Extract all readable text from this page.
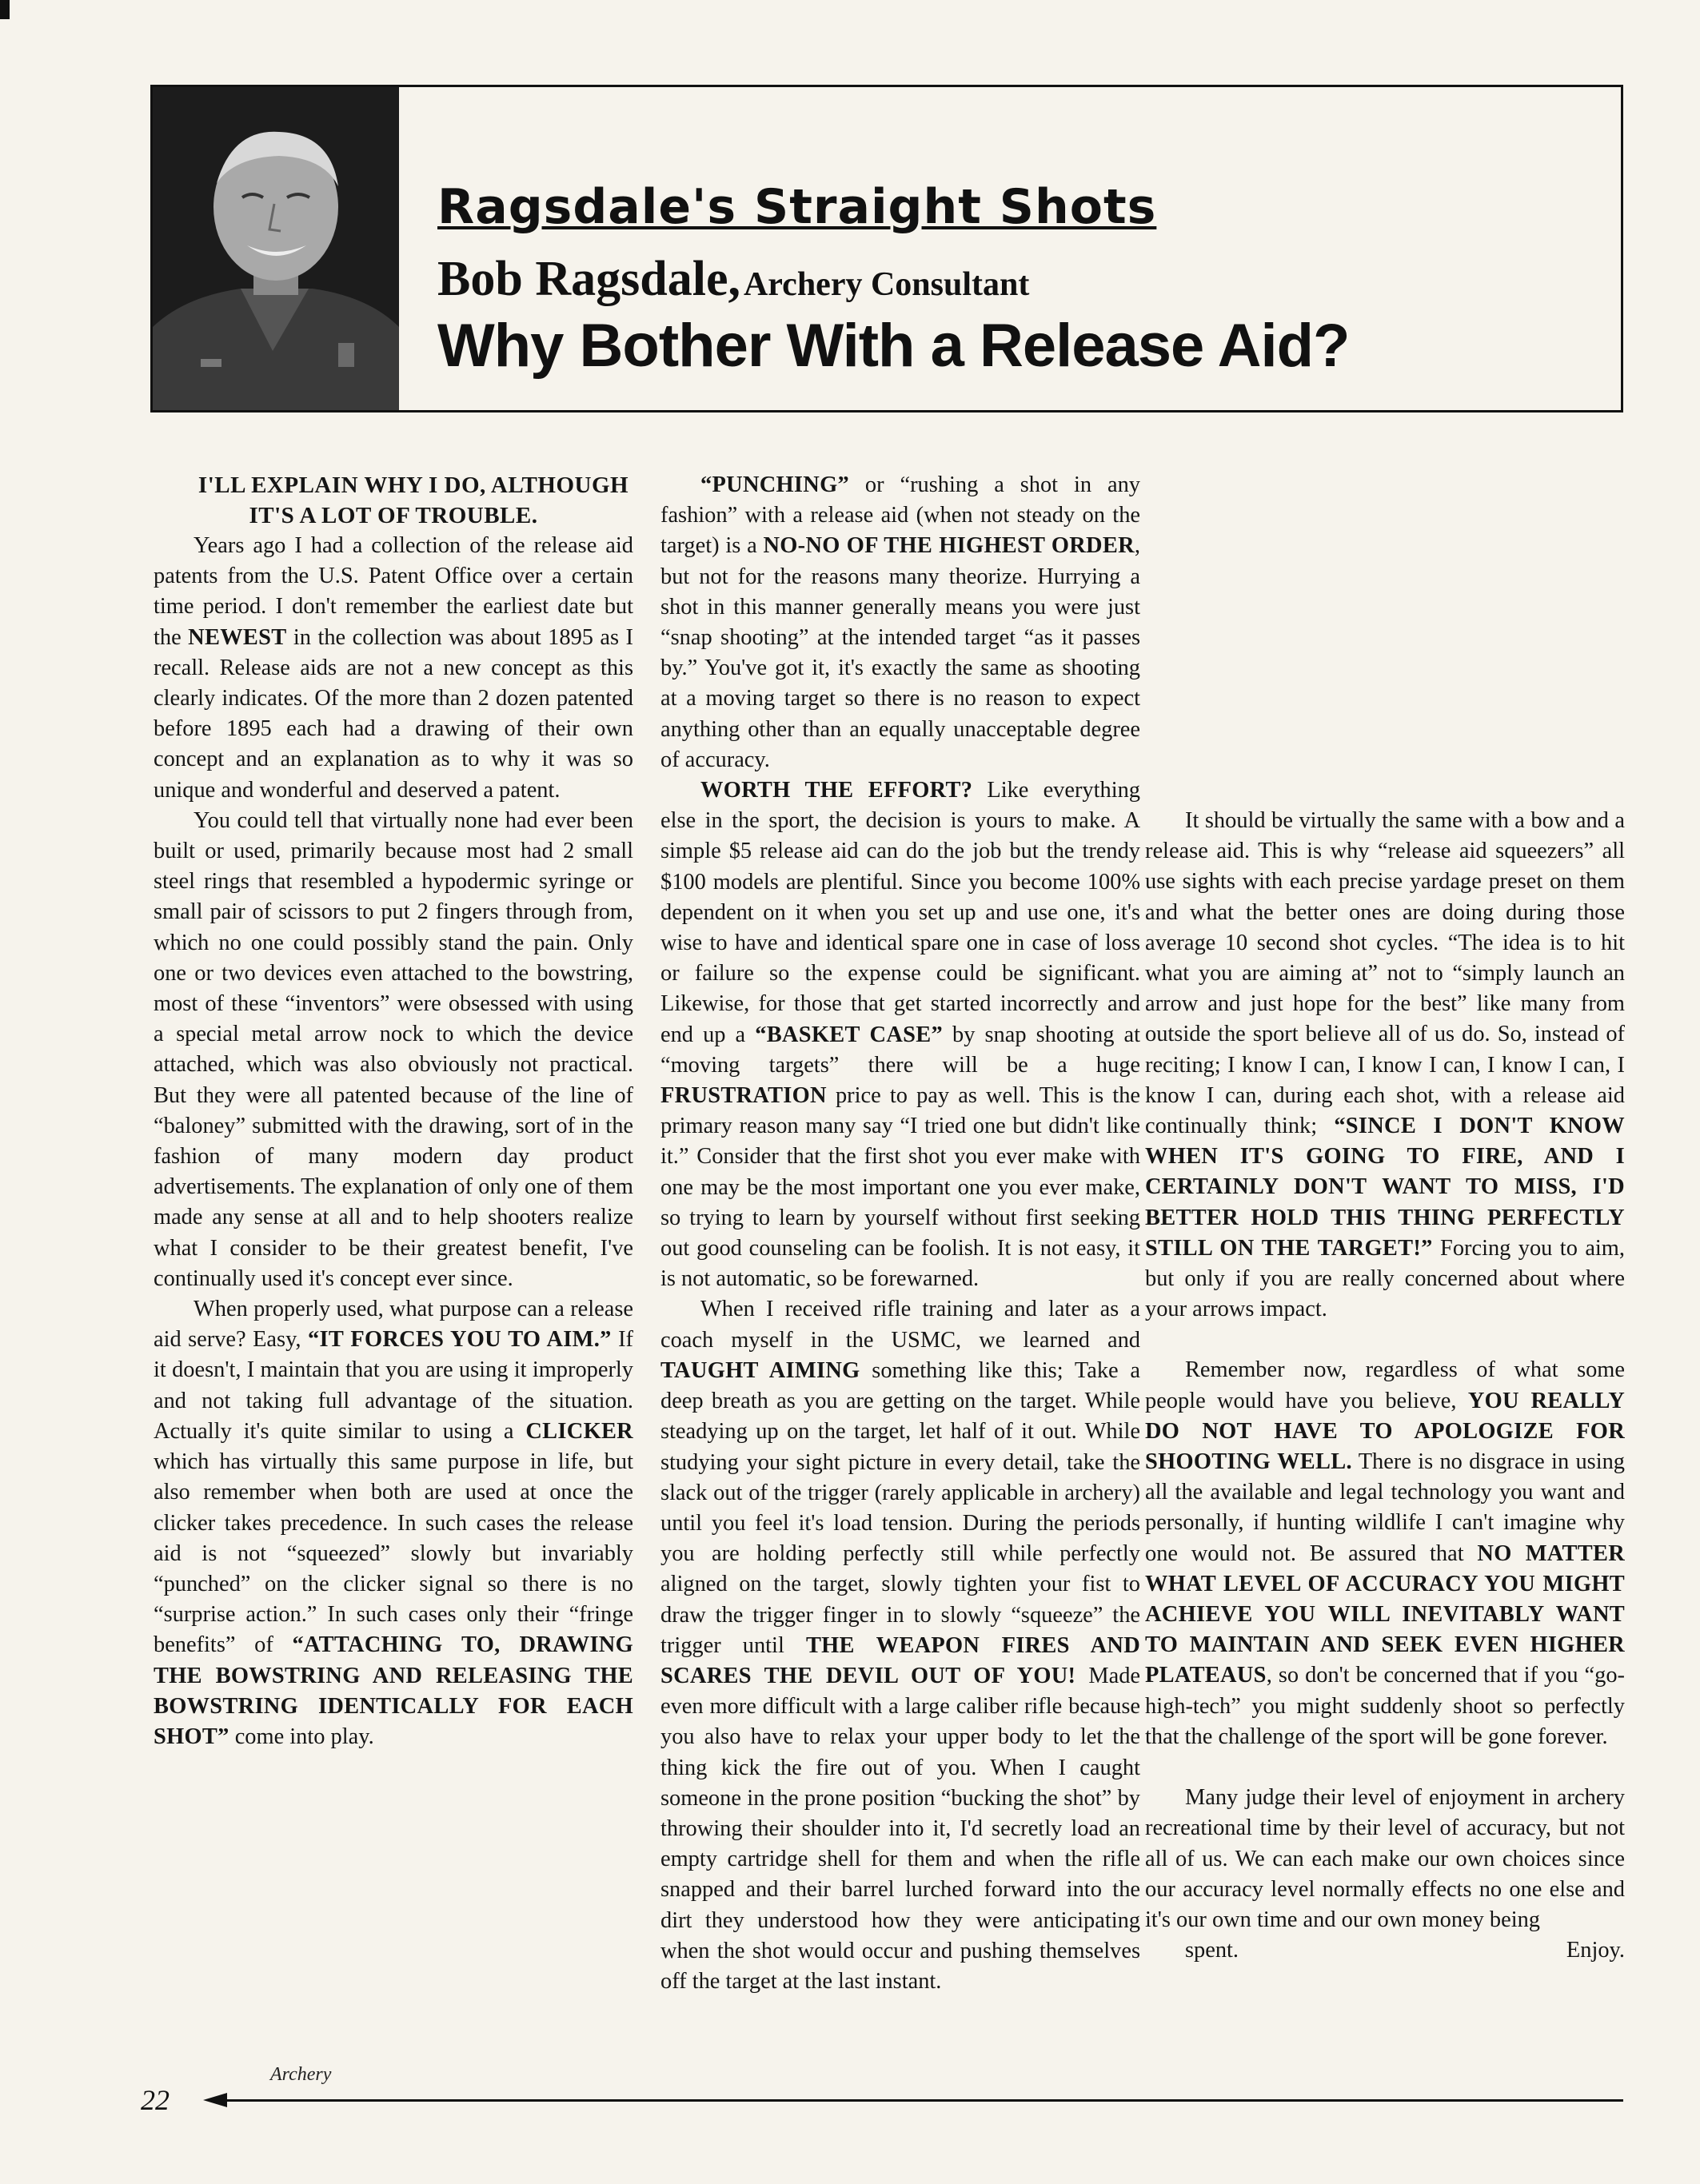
Ragsdale's Straight Shots

Bob Ragsdale, Archery Consultant

Why Bother With a Release Aid?

I'LL EXPLAIN WHY I DO, ALTHOUGH IT'S A LOT OF TROUBLE.

Years ago I had a collection of the release aid patents from the U.S. Patent Office over a certain time period. I don't remember the earliest date but the NEWEST in the collection was about 1895 as I recall. Release aids are not a new concept as this clearly indicates. Of the more than 2 dozen patented before 1895 each had a drawing of their own concept and an explanation as to why it was so unique and wonderful and deserved a patent.

You could tell that virtually none had ever been built or used, primarily because most had 2 small steel rings that resembled a hypodermic syringe or small pair of scissors to put 2 fingers through from, which no one could possibly stand the pain. Only one or two devices even attached to the bowstring, most of these “inventors” were obsessed with using a special metal arrow nock to which the device attached, which was also obviously not practical. But they were all patented because of the line of “baloney” submitted with the drawing, sort of in the fashion of many modern day product advertisements. The explanation of only one of them made any sense at all and to help shooters realize what I consider to be their greatest benefit, I've continually used it's concept ever since.

When properly used, what purpose can a release aid serve? Easy, “IT FORCES YOU TO AIM.” If it doesn't, I maintain that you are using it improperly and not taking full advantage of the situation. Actually it's quite similar to using a CLICKER which has virtually this same purpose in life, but also remember when both are used at once the clicker takes precedence. In such cases the release aid is not “squeezed” slowly but invariably “punched” on the clicker signal so there is no “surprise action.” In such cases only their “fringe benefits” of “ATTACHING TO, DRAWING THE BOWSTRING AND RELEASING THE BOWSTRING IDENTICALLY FOR EACH SHOT” come into play.

“PUNCHING” or “rushing a shot in any fashion” with a release aid (when not steady on the target) is a NO-NO OF THE HIGHEST ORDER, but not for the reasons many theorize. Hurrying a shot in this manner generally means you were just “snap shooting” at the intended target “as it passes by.” You've got it, it's exactly the same as shooting at a moving target so there is no reason to expect anything other than an equally unacceptable degree of accuracy.

WORTH THE EFFORT? Like everything else in the sport, the decision is yours to make. A simple $5 release aid can do the job but the trendy $100 models are plentiful. Since you become 100% dependent on it when you set up and use one, it's wise to have and identical spare one in case of loss or failure so the expense could be significant. Likewise, for those that get started incorrectly and end up a “BASKET CASE” by snap shooting at “moving targets” there will be a huge FRUSTRATION price to pay as well. This is the primary reason many say “I tried one but didn't like it.” Consider that the first shot you ever make with one may be the most important one you ever make, so trying to learn by yourself without first seeking out good counseling can be foolish. It is not easy, it is not automatic, so be forewarned.

When I received rifle training and later as a coach myself in the USMC, we learned and TAUGHT AIMING something like this; Take a deep breath as you are getting on the target. While steadying up on the target, let half of it out. While studying your sight picture in every detail, take the slack out of the trigger (rarely applicable in archery) until you feel it's load tension. During the periods you are holding perfectly still while perfectly aligned on the target, slowly tighten your fist to draw the trigger finger in to slowly “squeeze” the trigger until THE WEAPON FIRES AND SCARES THE DEVIL OUT OF YOU! Made even more difficult with a large caliber rifle because you also have to relax your upper body to let the thing kick the fire out of you. When I caught someone in the prone position “bucking the shot” by throwing their shoulder into it, I'd secretly load an empty cartridge shell for them and when the rifle snapped and their barrel lurched forward into the dirt they understood how they were anticipating when the shot would occur and pushing themselves off the target at the last instant.

It should be virtually the same with a bow and a release aid. This is why “release aid squeezers” all use sights with each precise yardage preset on them and what the better ones are doing during those average 10 second shot cycles. “The idea is to hit what you are aiming at” not to “simply launch an arrow and just hope for the best” like many from outside the sport believe all of us do. So, instead of reciting; I know I can, I know I can, I know I can, I know I can, during each shot, with a release aid continually think; “SINCE I DON'T KNOW WHEN IT'S GOING TO FIRE, AND I CERTAINLY DON'T WANT TO MISS, I'D BETTER HOLD THIS THING PERFECTLY STILL ON THE TARGET!” Forcing you to aim, but only if you are really concerned about where your arrows impact.

Remember now, regardless of what some people would have you believe, YOU REALLY DO NOT HAVE TO APOLOGIZE FOR SHOOTING WELL. There is no disgrace in using all the available and legal technology you want and personally, if hunting wildlife I can't imagine why one would not. Be assured that NO MATTER WHAT LEVEL OF ACCURACY YOU MIGHT ACHIEVE YOU WILL INEVITABLY WANT TO MAINTAIN AND SEEK EVEN HIGHER PLATEAUS, so don't be concerned that if you “go-high-tech” you might suddenly shoot so perfectly that the challenge of the sport will be gone forever.

Many judge their level of enjoyment in archery recreational time by their level of accuracy, but not all of us. We can each make our own choices since our accuracy level normally effects no one else and it's our own time and our own money being

spent.	Enjoy.

22
Archery
